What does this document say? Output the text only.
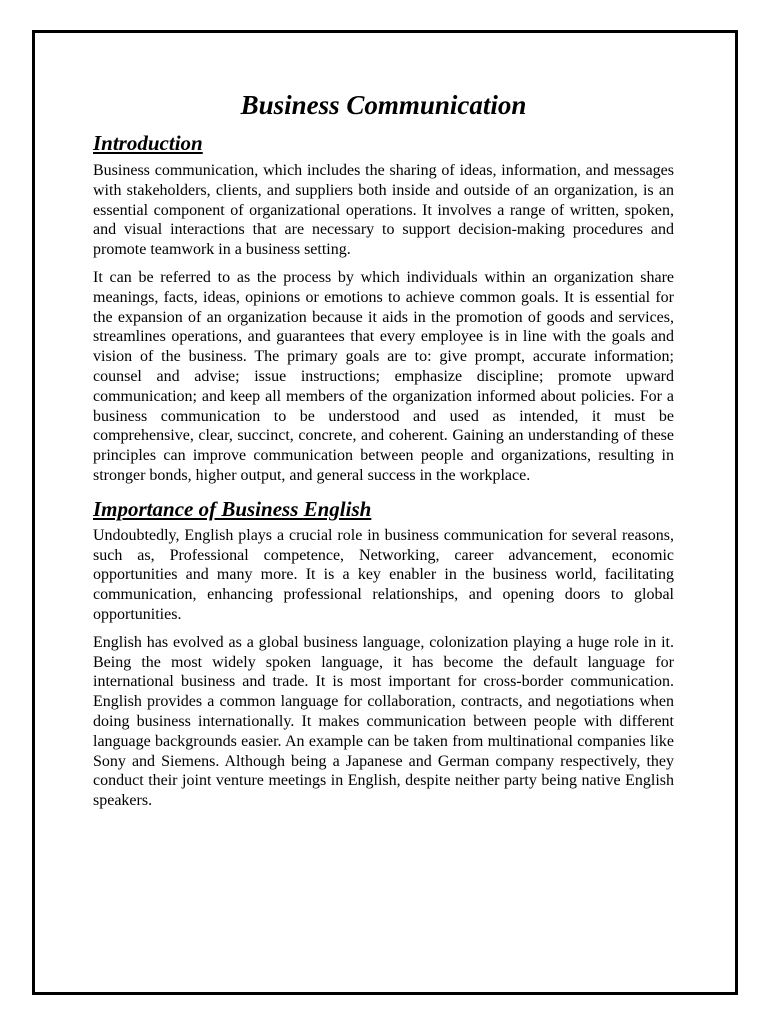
Business Communication
Introduction

Business communication, which includes the sharing of ideas, information, and messages with stakeholders, clients, and suppliers both inside and outside of an organization, is an essential component of organizational operations. It involves a range of written, spoken, and visual interactions that are necessary to support decision-making procedures and promote teamwork in a business setting.

It can be referred to as the process by which individuals within an organization share meanings, facts, ideas, opinions or emotions to achieve common goals. It is essential for the expansion of an organization because it aids in the promotion of goods and services, streamlines operations, and guarantees that every employee is in line with the goals and vision of the business. The primary goals are to: give prompt, accurate information; counsel and advise; issue instructions; emphasize discipline; promote upward communication; and keep all members of the organization informed about policies. For a business communication to be understood and used as intended, it must be comprehensive, clear, succinct, concrete, and coherent. Gaining an understanding of these principles can improve communication between people and organizations, resulting in stronger bonds, higher output, and general success in the workplace.

Importance of Business English

Undoubtedly, English plays a crucial role in business communication for several reasons, such as, Professional competence, Networking, career advancement, economic opportunities and many more. It is a key enabler in the business world, facilitating communication, enhancing professional relationships, and opening doors to global opportunities.

English has evolved as a global business language, colonization playing a huge role in it. Being the most widely spoken language, it has become the default language for international business and trade. It is most important for cross-border communication. English provides a common language for collaboration, contracts, and negotiations when doing business internationally. It makes communication between people with different language backgrounds easier. An example can be taken from multinational companies like Sony and Siemens. Although being a Japanese and German company respectively, they conduct their joint venture meetings in English, despite neither party being native English speakers.
